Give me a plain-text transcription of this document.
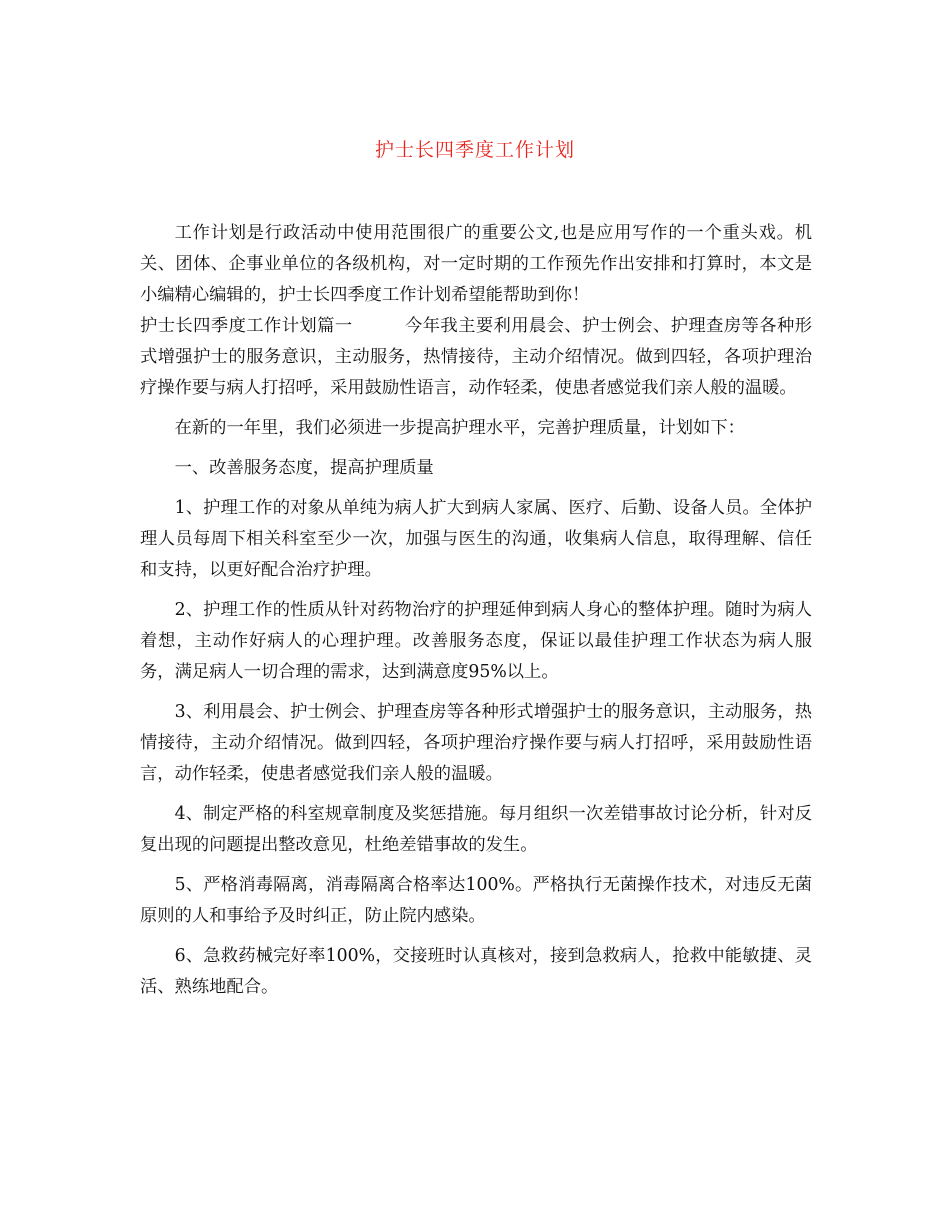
护士长四季度工作计划

工作计划是行政活动中使用范围很广的重要公文,也是应用写作的一个重头戏。机关、团体、企事业单位的各级机构，对一定时期的工作预先作出安排和打算时，本文是小编精心编辑的，护士长四季度工作计划希望能帮助到你！

护士长四季度工作计划篇一	今年我主要利用晨会、护士例会、护理查房等各种形式增强护士的服务意识，主动服务，热情接待，主动介绍情况。做到四轻，各项护理治疗操作要与病人打招呼，采用鼓励性语言，动作轻柔，使患者感觉我们亲人般的温暖。

在新的一年里，我们必须进一步提高护理水平，完善护理质量，计划如下：

一、改善服务态度，提高护理质量

1、护理工作的对象从单纯为病人扩大到病人家属、医疗、后勤、设备人员。全体护理人员每周下相关科室至少一次，加强与医生的沟通，收集病人信息，取得理解、信任和支持，以更好配合治疗护理。

2、护理工作的性质从针对药物治疗的护理延伸到病人身心的整体护理。随时为病人着想，主动作好病人的心理护理。改善服务态度，保证以最佳护理工作状态为病人服务，满足病人一切合理的需求，达到满意度95%以上。

3、利用晨会、护士例会、护理查房等各种形式增强护士的服务意识，主动服务，热情接待，主动介绍情况。做到四轻，各项护理治疗操作要与病人打招呼，采用鼓励性语言，动作轻柔，使患者感觉我们亲人般的温暖。

4、制定严格的科室规章制度及奖惩措施。每月组织一次差错事故讨论分析，针对反复出现的问题提出整改意见，杜绝差错事故的发生。

5、严格消毒隔离，消毒隔离合格率达100%。严格执行无菌操作技术，对违反无菌原则的人和事给予及时纠正，防止院内感染。

6、急救药械完好率100%，交接班时认真核对，接到急救病人，抢救中能敏捷、灵活、熟练地配合。
